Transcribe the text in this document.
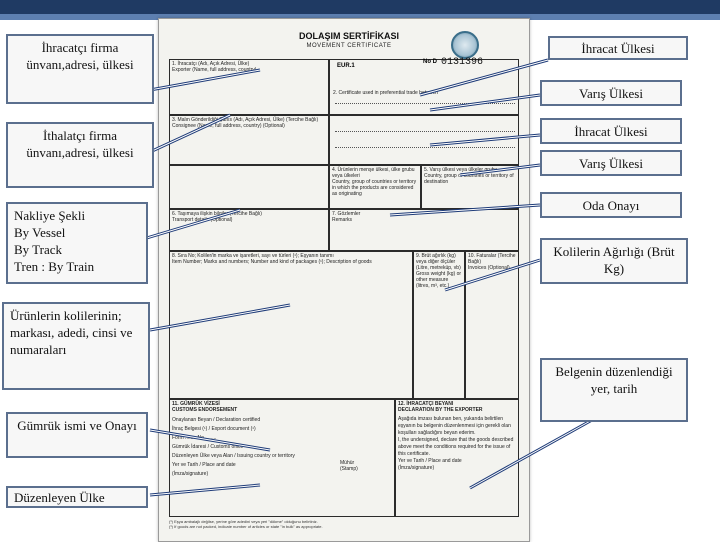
DOLAŞIM SERTİFİKASI
MOVEMENT CERTIFICATE
1. İhracatçı (Adı, Açık Adresi, Ülke)
Exporter (Name, full address, country)
EUR.1
No D 0131396
2. Certificate used in preferential trade between
3. Malın Gönderildiği Şahıs (Adı, Açık Adresi, Ülke) (Tercihe Bağlı)
Consignee (Name, full address, country) (Optional)
4. Ürünlerin menşe ülkesi, ülke grubu veya ülkeleri
Country, group of countries or territory in which the products are considered as originating
5. Varış ülkesi veya ülkeler grubu
Country, group of countries or territory of destination
6. Taşımaya ilişkin bilgiler (Tercihe Bağlı)
Transport details (Optional)
7. Gözlemler
Remarks
8. Sıra No; Koliler/in marka ve işaretleri, sayı ve türleri (¹); Eşyanın tanımı
Item Number; Marks and numbers; Number and kind of packages (¹); Description of goods
9. Brüt ağırlık (kg) veya diğer ölçüler (Litre, metreküp, vb)
Gross weight (kg) or other measure (litres, m³, etc.)
10. Faturalar (Tercihe Bağlı)
Invoices (Optional)
11. GÜMRÜK VİZESİ
CUSTOMS ENDORSEMENT
Onaylanan Beyan / Declaration certified
İhraç Belgesi (¹) / Export document (¹)
Form ........ No ........
Gümrük İdaresi / Customs office
Düzenleyen Ülke veya Alan / Issuing country or territory
Yer ve Tarih / Place and date
(İmza/signature)
Mühür
(Stamp)
12. İHRACATÇI BEYANI
DECLARATION BY THE EXPORTER
Aşağıda imzası bulunan ben, yukarıda belirtilen eşyanın bu belgenin düzenlenmesi için gerekli olan koşulları sağladığını beyan ederim.
I, the undersigned, declare that the goods described above meet the conditions required for the issue of this certificate.
Yer ve Tarih / Place and date
(İmza/signature)
(¹) Eşya ambalajlı değilse, yerine göre adedini veya yeri "dökme" olduğunu belirtiniz.
(¹) If goods are not packed, indicate number of articles or state "in bulk" as appropriate.
İhracatçı firma ünvanı,adresi, ülkesi
İthalatçı firma ünvanı,adresi, ülkesi
Nakliye Şekli
By Vessel
By Track
Tren : By Train
Ürünlerin kolilerinin; markası, adedi, cinsi ve numaraları
Gümrük ismi ve Onayı
Düzenleyen Ülke
İhracat Ülkesi
Varış Ülkesi
İhracat Ülkesi
Varış Ülkesi
Oda Onayı
Kolilerin Ağırlığı (Brüt Kg)
Belgenin düzenlendiği yer, tarih
